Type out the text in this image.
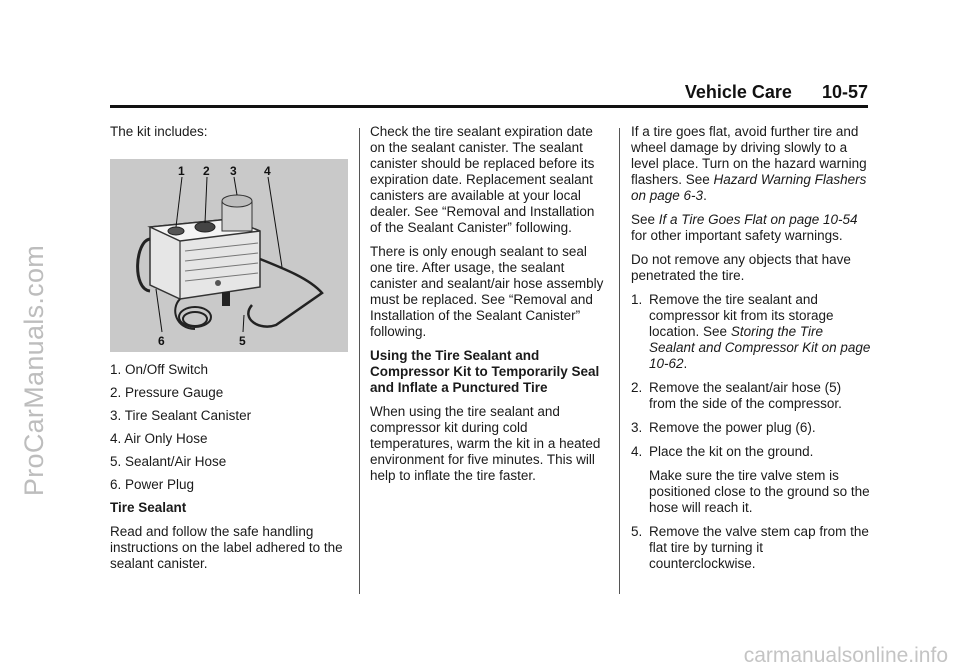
ProCarManuals.com
Vehicle Care 10-57

The kit includes:

1 2 3 4
5
6
1. On/Off Switch
2. Pressure Gauge
3. Tire Sealant Canister
4. Air Only Hose
5. Sealant/Air Hose
6. Power Plug

Tire Sealant

Read and follow the safe handling instructions on the label adhered to the sealant canister.

Check the tire sealant expiration date on the sealant canister. The sealant canister should be replaced before its expiration date. Replacement sealant canisters are available at your local dealer. See “Removal and Installation of the Sealant Canister” following.

There is only enough sealant to seal one tire. After usage, the sealant canister and sealant/air hose assembly must be replaced. See “Removal and Installation of the Sealant Canister” following.

Using the Tire Sealant and Compressor Kit to Temporarily Seal and Inflate a Punctured Tire

When using the tire sealant and compressor kit during cold temperatures, warm the kit in a heated environment for five minutes. This will help to inflate the tire faster.

If a tire goes flat, avoid further tire and wheel damage by driving slowly to a level place. Turn on the hazard warning flashers. See Hazard Warning Flashers on page 6-3.

See If a Tire Goes Flat on page 10-54 for other important safety warnings.

Do not remove any objects that have penetrated the tire.

1. Remove the tire sealant and compressor kit from its storage location. See Storing the Tire Sealant and Compressor Kit on page 10-62.
2. Remove the sealant/air hose (5) from the side of the compressor.
3. Remove the power plug (6).
4. Place the kit on the ground.

Make sure the tire valve stem is positioned close to the ground so the hose will reach it.

5. Remove the valve stem cap from the flat tire by turning it counterclockwise.
carmanualsonline.info
